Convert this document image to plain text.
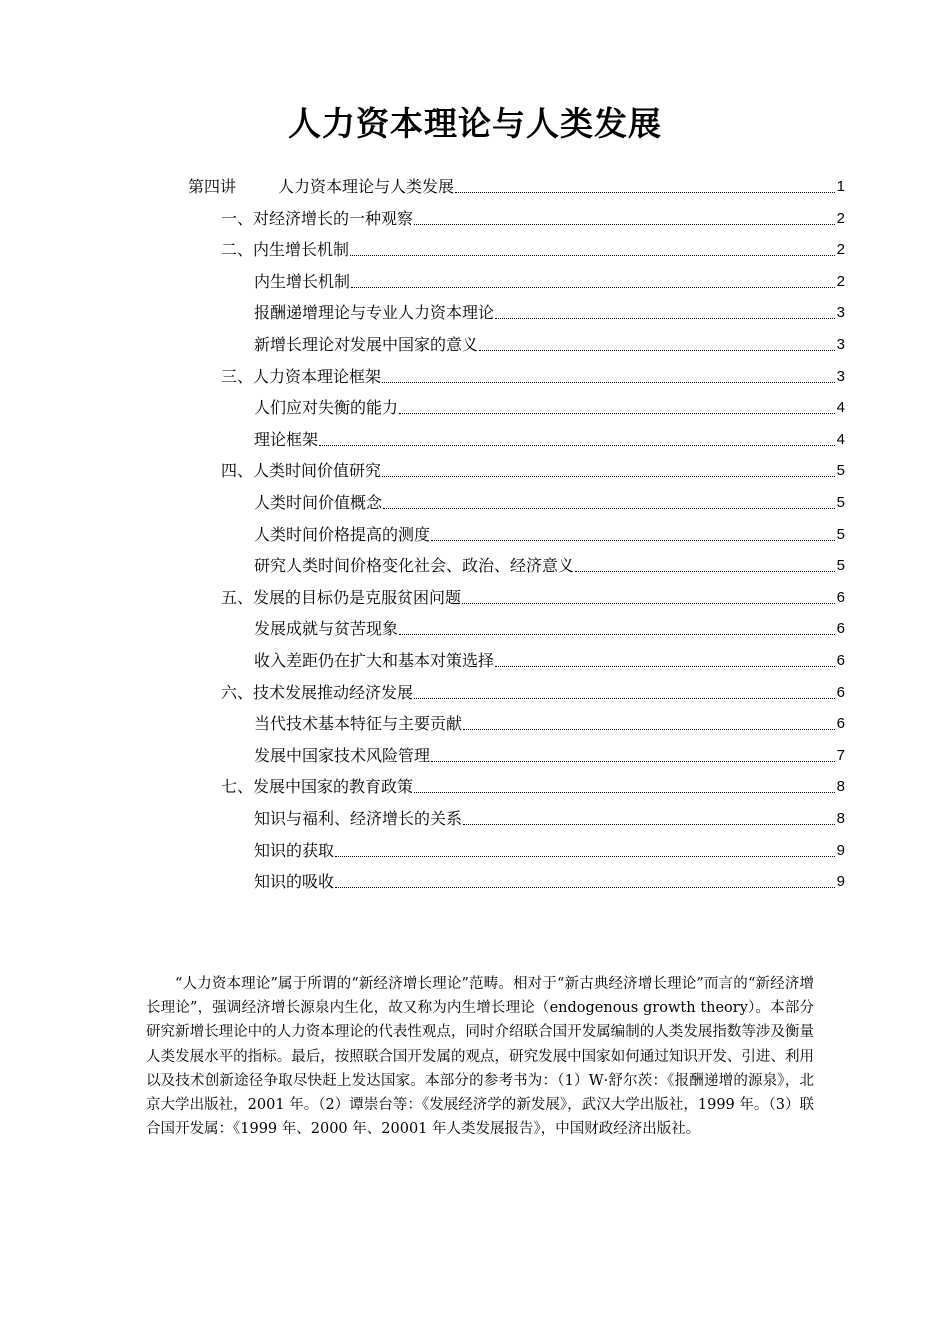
人力资本理论与人类发展
第四讲	人力资本理论与人类发展	1
一、对经济增长的一种观察	2
二、内生增长机制	2
内生增长机制	2
报酬递增理论与专业人力资本理论	3
新增长理论对发展中国家的意义	3
三、人力资本理论框架	3
人们应对失衡的能力	4
理论框架	4
四、人类时间价值研究	5
人类时间价值概念	5
人类时间价格提高的测度	5
研究人类时间价格变化社会、政治、经济意义	5
五、发展的目标仍是克服贫困问题	6
发展成就与贫苦现象	6
收入差距仍在扩大和基本对策选择	6
六、技术发展推动经济发展	6
当代技术基本特征与主要贡献	6
发展中国家技术风险管理	7
七、发展中国家的教育政策	8
知识与福利、经济增长的关系	8
知识的获取	9
知识的吸收	9
“人力资本理论”属于所谓的“新经济增长理论”范畴。相对于“新古典经济增长理论”而言的“新经济增长理论”，强调经济增长源泉内生化，故又称为内生增长理论（endogenous growth theory）。本部分研究新增长理论中的人力资本理论的代表性观点，同时介绍联合国开发属编制的人类发展指数等涉及衡量人类发展水平的指标。最后，按照联合国开发属的观点，研究发展中国家如何通过知识开发、引进、利用以及技术创新途径争取尽快赶上发达国家。本部分的参考书为：（1）W·舒尔茨：《报酬递增的源泉》，北京大学出版社，2001 年。（2）谭崇台等：《发展经济学的新发展》，武汉大学出版社，1999 年。（3）联合国开发属：《1999 年、2000 年、20001 年人类发展报告》，中国财政经济出版社。
